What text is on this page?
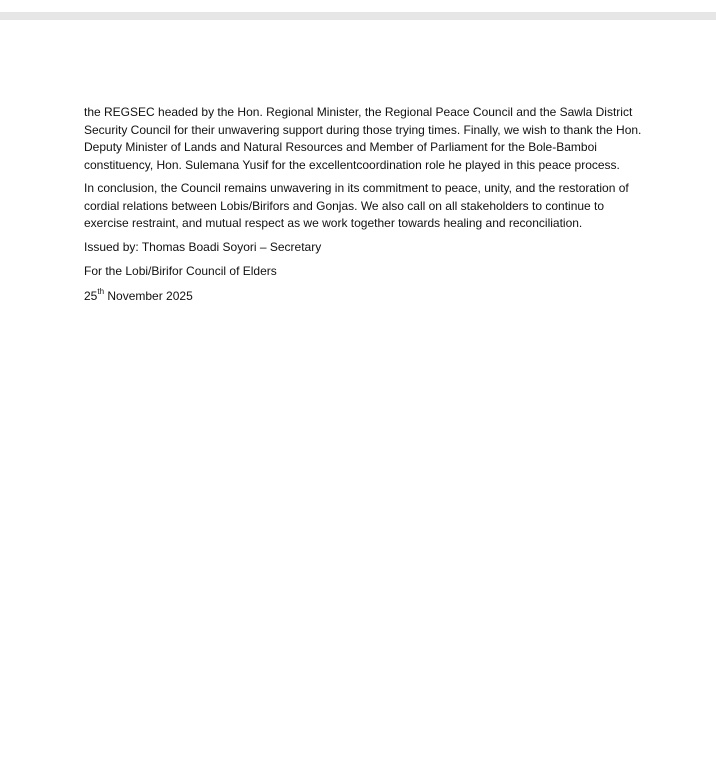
the REGSEC headed by the Hon. Regional Minister, the Regional Peace Council and the Sawla District Security Council for their unwavering support during those trying times. Finally, we wish to thank the Hon. Deputy Minister of Lands and Natural Resources and Member of Parliament for the Bole-Bamboi constituency, Hon. Sulemana Yusif for the excellentcoordination role he played in this peace process.

In conclusion, the Council remains unwavering in its commitment to peace, unity, and the restoration of cordial relations between Lobis/Birifors and Gonjas. We also call on all stakeholders to continue to exercise restraint, and mutual respect as we work together towards healing and reconciliation.

Issued by: Thomas Boadi Soyori – Secretary

For the Lobi/Birifor Council of Elders

25th November 2025
